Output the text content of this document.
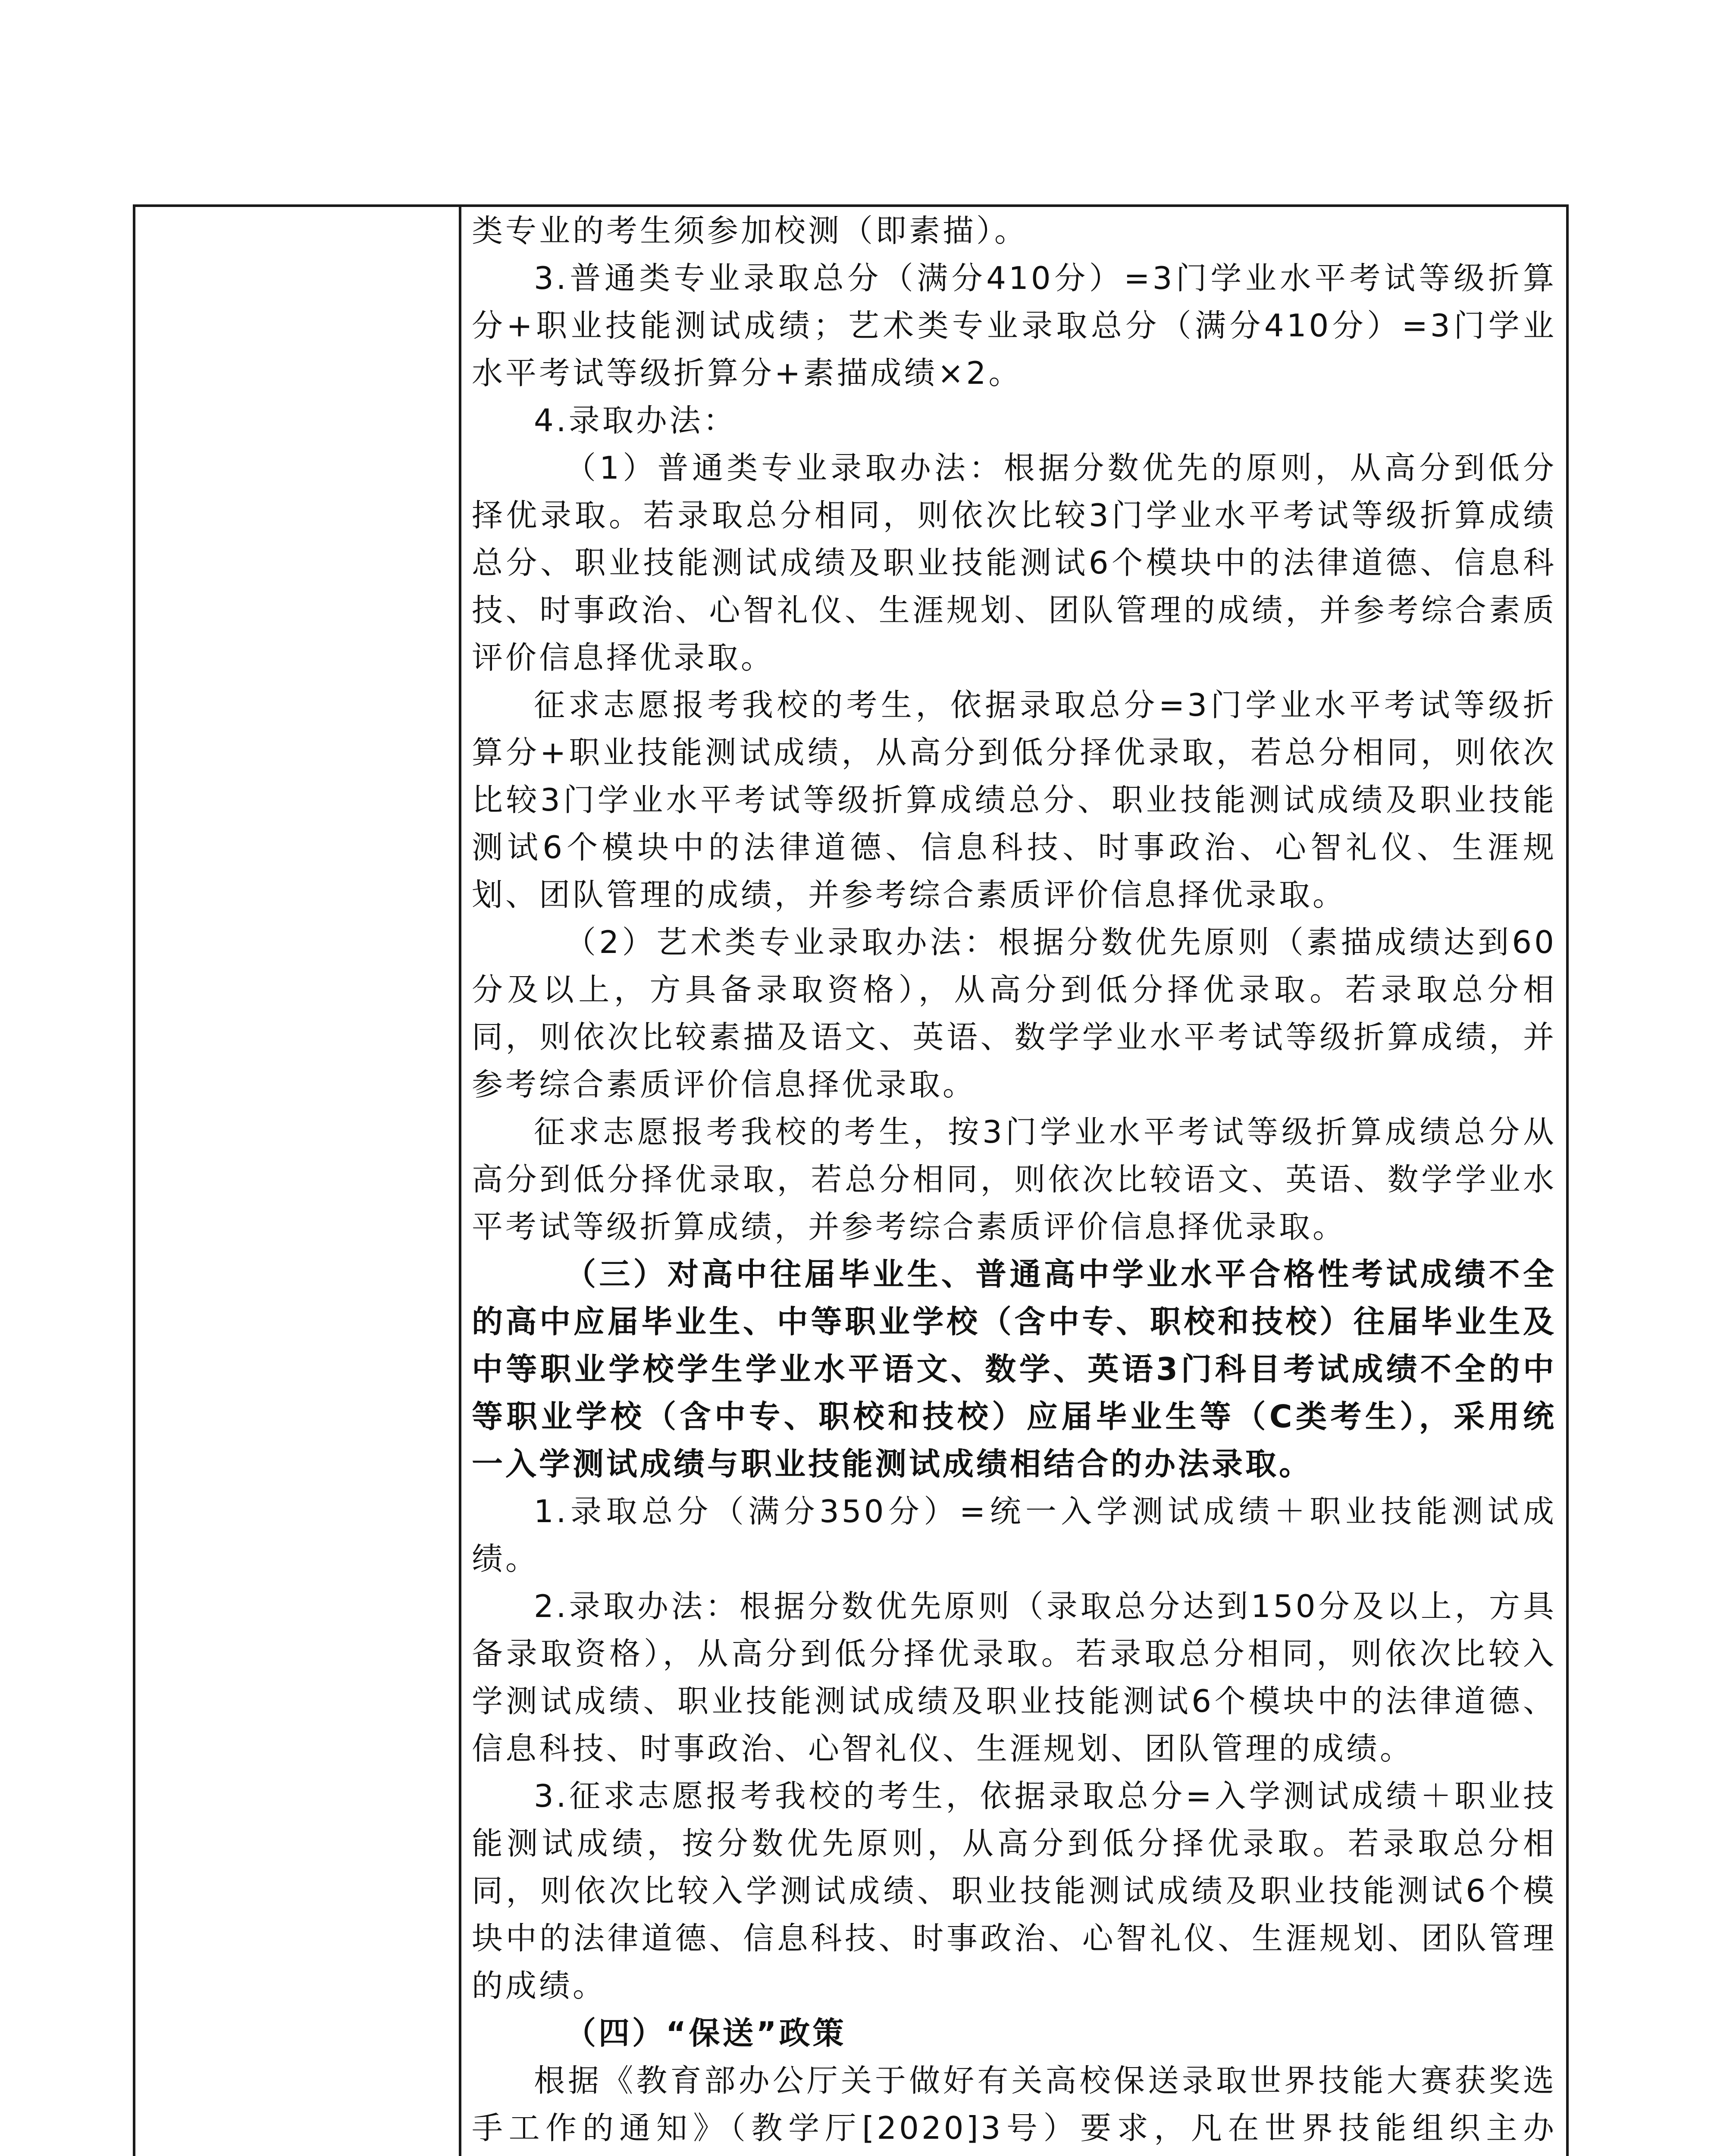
类专业的考生须参加校测（即素描）。

3.普通类专业录取总分（满分410分）=3门学业水平考试等级折算分+职业技能测试成绩；艺术类专业录取总分（满分410分）=3门学业水平考试等级折算分+素描成绩×2。

4.录取办法：

（1）普通类专业录取办法：根据分数优先的原则，从高分到低分择优录取。若录取总分相同，则依次比较3门学业水平考试等级折算成绩总分、职业技能测试成绩及职业技能测试6个模块中的法律道德、信息科技、时事政治、心智礼仪、生涯规划、团队管理的成绩，并参考综合素质评价信息择优录取。

征求志愿报考我校的考生，依据录取总分=3门学业水平考试等级折算分+职业技能测试成绩，从高分到低分择优录取，若总分相同，则依次比较3门学业水平考试等级折算成绩总分、职业技能测试成绩及职业技能测试6个模块中的法律道德、信息科技、时事政治、心智礼仪、生涯规划、团队管理的成绩，并参考综合素质评价信息择优录取。

（2）艺术类专业录取办法：根据分数优先原则（素描成绩达到60分及以上，方具备录取资格），从高分到低分择优录取。若录取总分相同，则依次比较素描及语文、英语、数学学业水平考试等级折算成绩，并参考综合素质评价信息择优录取。

征求志愿报考我校的考生，按3门学业水平考试等级折算成绩总分从高分到低分择优录取，若总分相同，则依次比较语文、英语、数学学业水平考试等级折算成绩，并参考综合素质评价信息择优录取。

（三）对高中往届毕业生、普通高中学业水平合格性考试成绩不全的高中应届毕业生、中等职业学校（含中专、职校和技校）往届毕业生及中等职业学校学生学业水平语文、数学、英语3门科目考试成绩不全的中等职业学校（含中专、职校和技校）应届毕业生等（C类考生），采用统一入学测试成绩与职业技能测试成绩相结合的办法录取。

1.录取总分（满分350分）=统一入学测试成绩＋职业技能测试成绩。

2.录取办法：根据分数优先原则（录取总分达到150分及以上，方具备录取资格），从高分到低分择优录取。若录取总分相同，则依次比较入学测试成绩、职业技能测试成绩及职业技能测试6个模块中的法律道德、信息科技、时事政治、心智礼仪、生涯规划、团队管理的成绩。

3.征求志愿报考我校的考生，依据录取总分=入学测试成绩＋职业技能测试成绩，按分数优先原则，从高分到低分择优录取。若录取总分相同，则依次比较入学测试成绩、职业技能测试成绩及职业技能测试6个模块中的法律道德、信息科技、时事政治、心智礼仪、生涯规划、团队管理的成绩。

（四）“保送”政策

根据《教育部办公厅关于做好有关高校保送录取世界技能大赛获奖选手工作的通知》（教学厅[2020]3号）要求，凡在世界技能组织主办
